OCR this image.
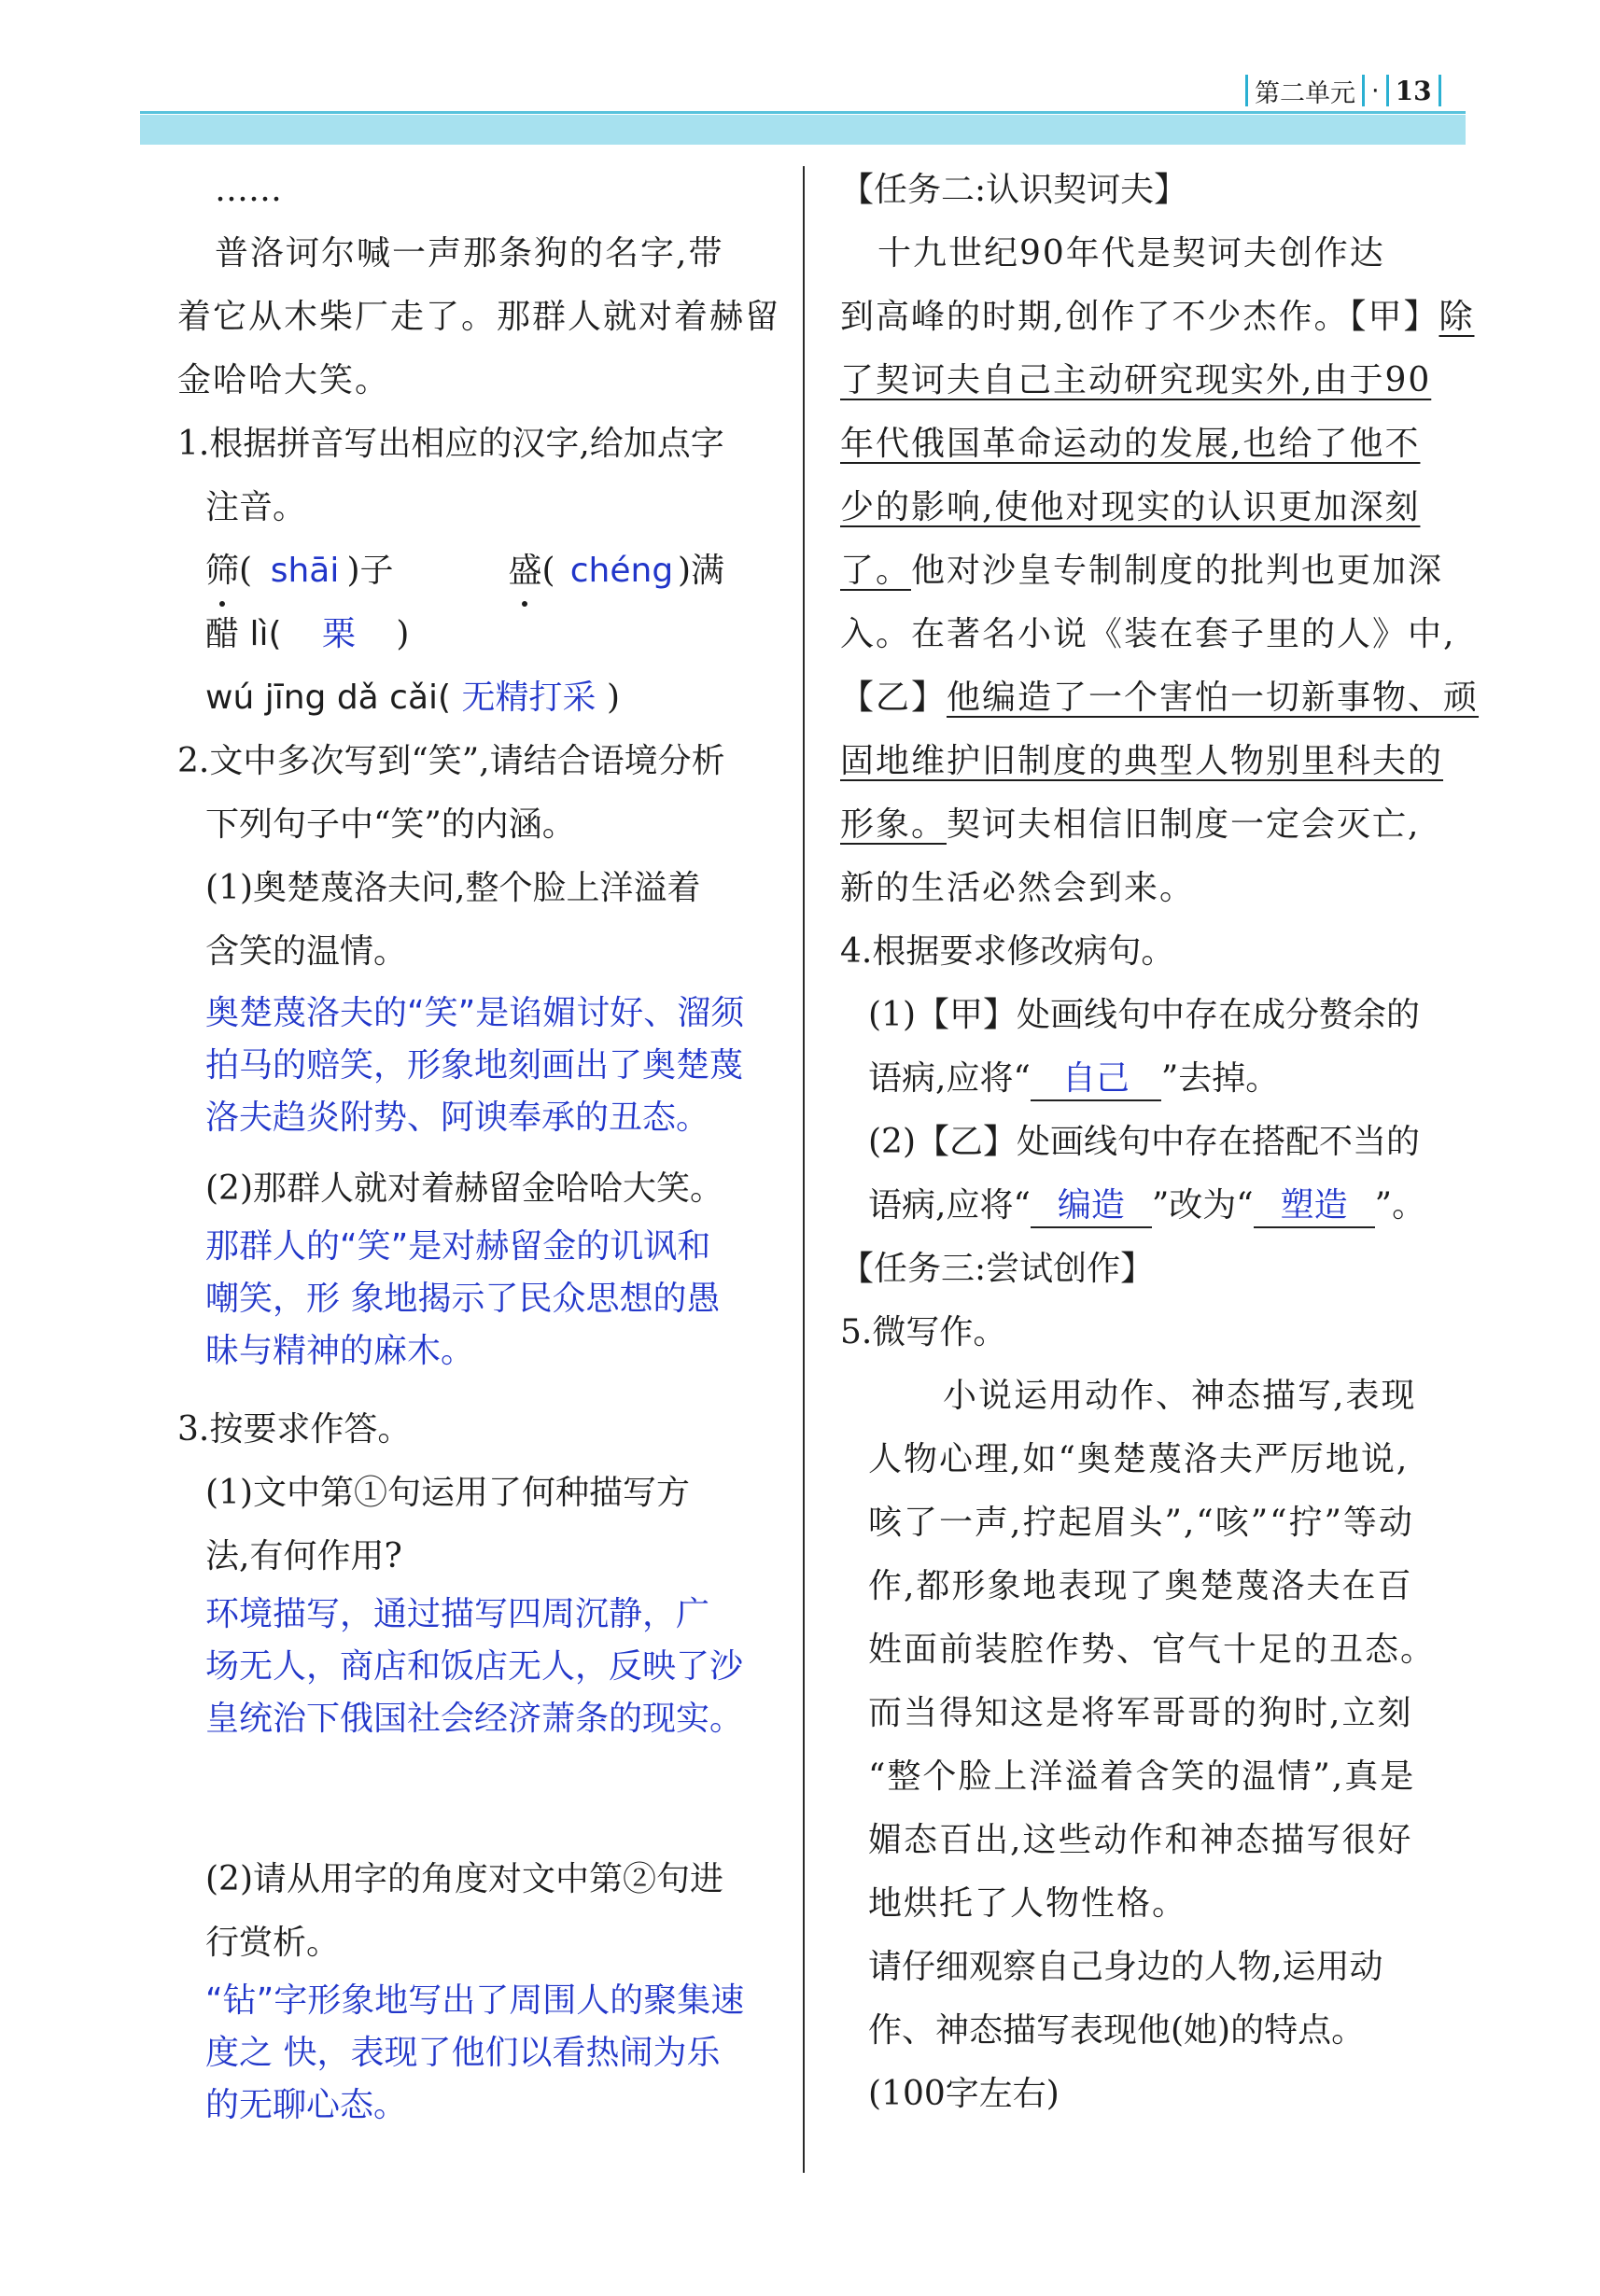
第二单元 · 13
……
普洛诃尔喊一声那条狗的名字,带
着它从木柴厂走了。那群人就对着赫留
金哈哈大笑。
1.根据拼音写出相应的汉字,给加点字
注音。
筛( shāi )子	盛( chéng )满
醋 lì( 栗 )
wú jīng dǎ cǎi( 无精打采 )
2.文中多次写到“笑”,请结合语境分析
下列句子中“笑”的内涵。
(1)奥楚蔑洛夫问,整个脸上洋溢着
含笑的温情。
奥楚蔑洛夫的“笑”是谄媚讨好、溜须
拍马的赔笑，形象地刻画出了奥楚蔑
洛夫趋炎附势、阿谀奉承的丑态。
(2)那群人就对着赫留金哈哈大笑。
那群人的“笑”是对赫留金的讥讽和
嘲笑，形 象地揭示了民众思想的愚
昧与精神的麻木。
3.按要求作答。
(1)文中第①句运用了何种描写方
法,有何作用?
环境描写，通过描写四周沉静，广
场无人，商店和饭店无人，反映了沙
皇统治下俄国社会经济萧条的现实。
(2)请从用字的角度对文中第②句进
行赏析。
“钻”字形象地写出了周围人的聚集速
度之 快，表现了他们以看热闹为乐
的无聊心态。
【任务二:认识契诃夫】
十九世纪90年代是契诃夫创作达
到高峰的时期,创作了不少杰作。【甲】除
了契诃夫自己主动研究现实外,由于90
年代俄国革命运动的发展,也给了他不
少的影响,使他对现实的认识更加深刻
了。他对沙皇专制制度的批判也更加深
入。在著名小说《装在套子里的人》中,
【乙】他编造了一个害怕一切新事物、顽
固地维护旧制度的典型人物别里科夫的
形象。契诃夫相信旧制度一定会灭亡,
新的生活必然会到来。
4.根据要求修改病句。
(1)【甲】处画线句中存在成分赘余的
语病,应将“ 自己 ”去掉。
(2)【乙】处画线句中存在搭配不当的
语病,应将“ 编造 ”改为“ 塑造 ”。
【任务三:尝试创作】
5.微写作。
小说运用动作、神态描写,表现
人物心理,如“奥楚蔑洛夫严厉地说,
咳了一声,拧起眉头”,“咳”“拧”等动
作,都形象地表现了奥楚蔑洛夫在百
姓面前装腔作势、官气十足的丑态。
而当得知这是将军哥哥的狗时,立刻
“整个脸上洋溢着含笑的温情”,真是
媚态百出,这些动作和神态描写很好
地烘托了人物性格。
请仔细观察自己身边的人物,运用动
作、神态描写表现他(她)的特点。
(100字左右)
